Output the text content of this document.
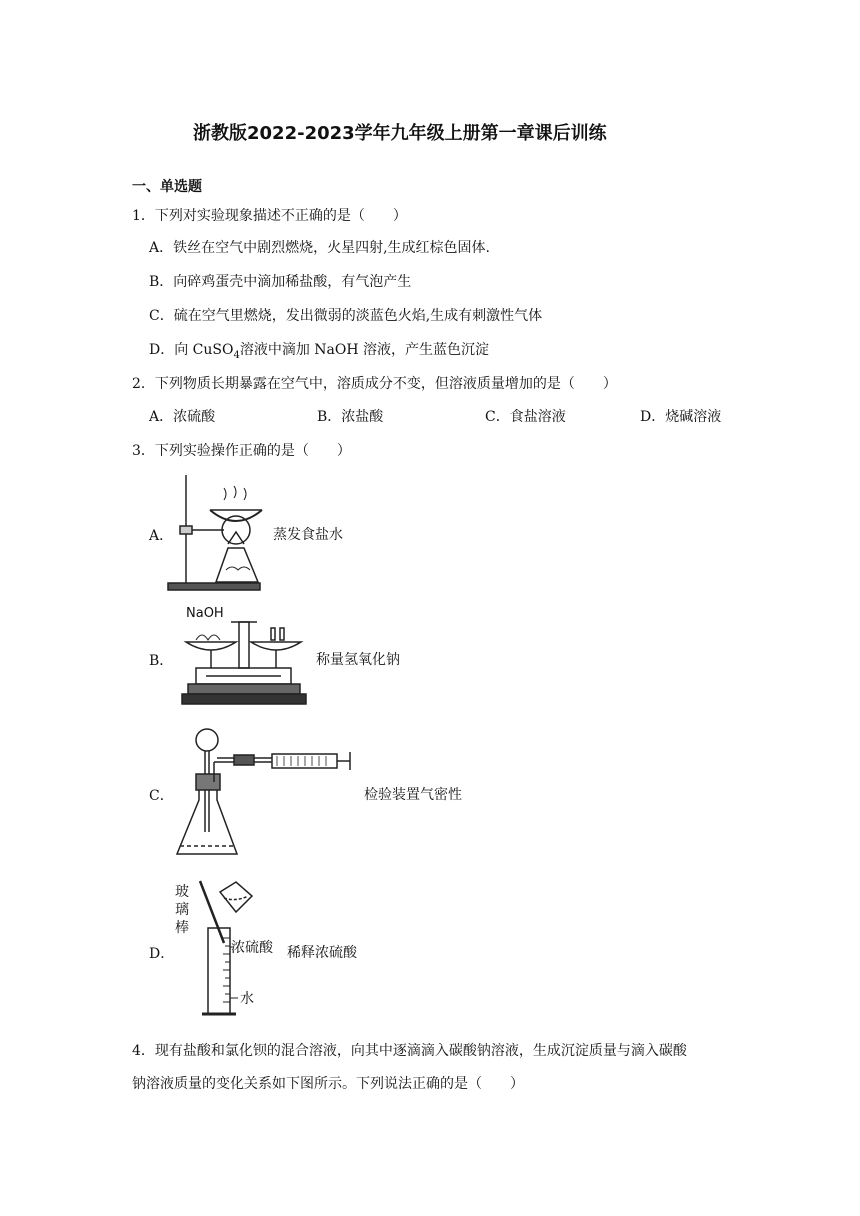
浙教版2022-2023学年九年级上册第一章课后训练
一、单选题
1．下列对实验现象描述不正确的是（　　）
A．铁丝在空气中剧烈燃烧，火星四射,生成红棕色固体.
B．向碎鸡蛋壳中滴加稀盐酸，有气泡产生
C．硫在空气里燃烧，发出微弱的淡蓝色火焰,生成有刺激性气体
D．向 CuSO$_4$溶液中滴加 NaOH 溶液，产生蓝色沉淀
2．下列物质长期暴露在空气中，溶质成分不变，但溶液质量增加的是（　　）
A．浓硫酸	B．浓盐酸	C．食盐溶液	D．烧碱溶液
3．下列实验操作正确的是（　　）
A．	蒸发食盐水
B．
NaOH
称量氢氧化钠
C．	检验装置气密性
D．
玻
璃
棒
浓硫酸
水
稀释浓硫酸
4．现有盐酸和氯化钡的混合溶液，向其中逐滴滴入碳酸钠溶液，生成沉淀质量与滴入碳酸
钠溶液质量的变化关系如下图所示。下列说法正确的是（　　）
